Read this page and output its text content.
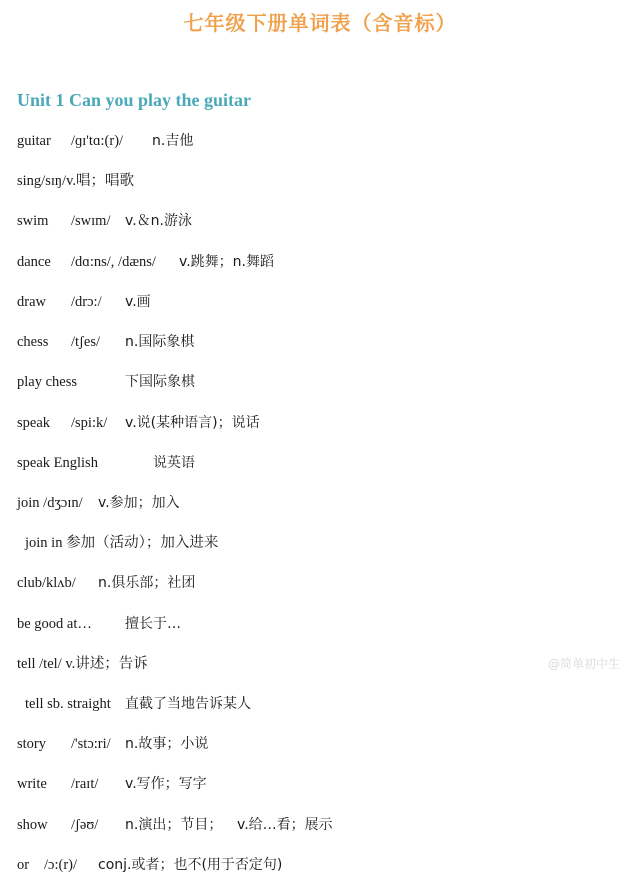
七年级下册单词表（含音标）
Unit 1 Can you play the guitar
guitar /ɡɪ'tɑ:(r)/ n.吉他
sing/sɪŋ/v.唱；唱歌
swim /swɪm/ v.＆n.游泳
dance /dɑ:ns/, /dæns/ v.跳舞；n.舞蹈
draw /drɔ:/ v.画
chess /tʃes/ n.国际象棋
play chess	下国际象棋
speak /spi:k/ v.说(某种语言)；说话
speak English	说英语
join /dʒɔɪn/ v.参加；加入
join in 参加（活动）；加入进来
club/klʌb/ n.俱乐部；社团
be good at… 擅长于…
tell /tel/ v.讲述；告诉
tell sb. straight 直截了当地告诉某人
story /'stɔ:ri/ n.故事；小说
write /raɪt/ v.写作；写字
show /ʃəʊ/ n.演出；节目； v.给…看；展示
or /ɔ:(r)/ conj.或者；也不(用于否定句)
@简单初中生
